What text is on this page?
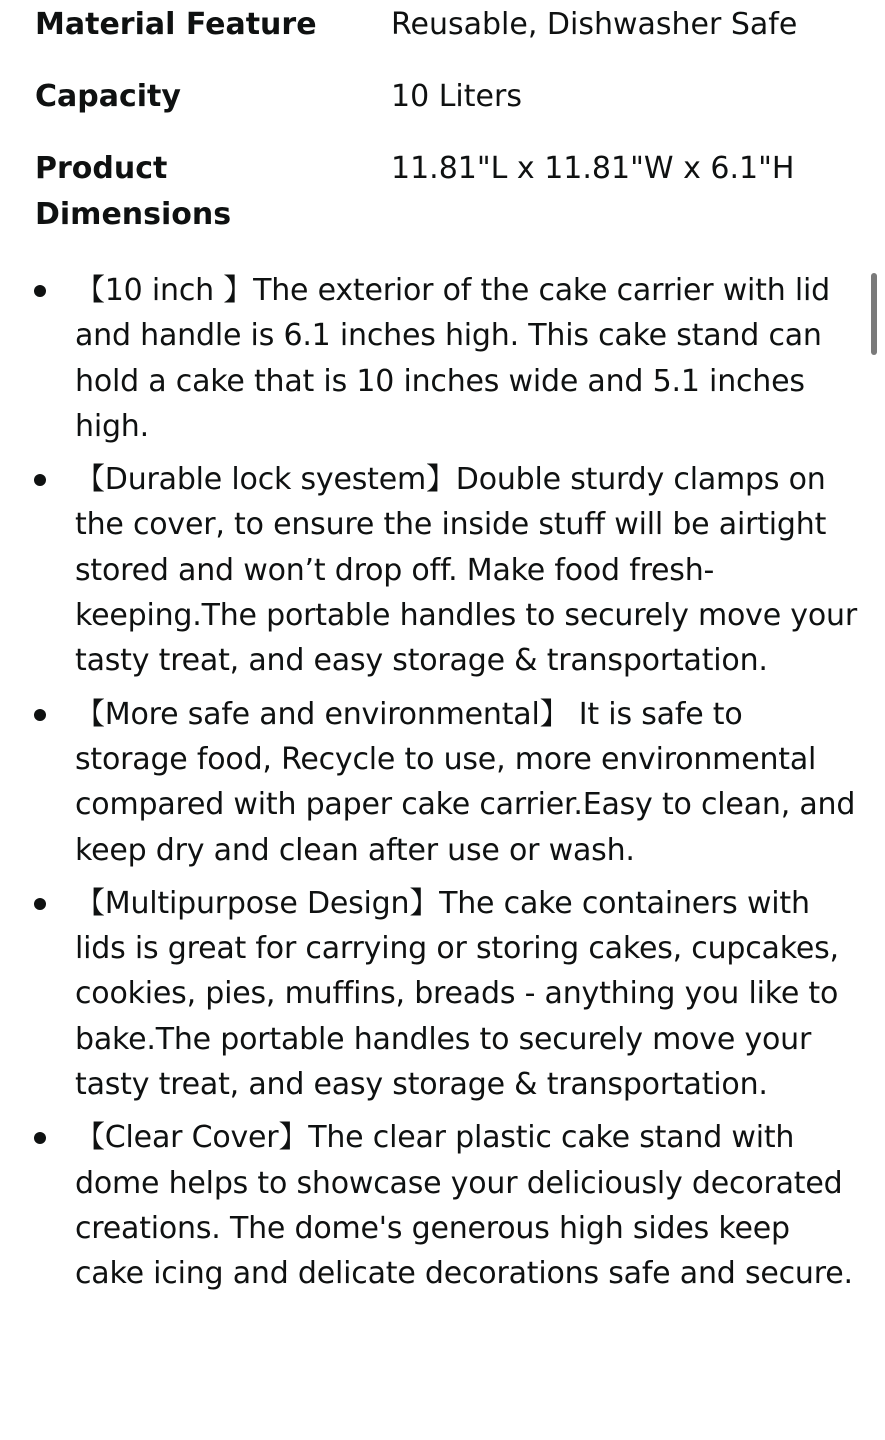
Material Feature	Reusable, Dishwasher Safe
Capacity	10 Liters
Product
Dimensions
11.81"L x 11.81"W x 6.1"H
【10 inch 】The exterior of the cake carrier with lid and handle is 6.1 inches high. This cake stand can hold a cake that is 10 inches wide and 5.1 inches high.
【Durable lock syestem】Double sturdy clamps on the cover, to ensure the inside stuff will be airtight stored and won’t drop off. Make food fresh-keeping.The portable handles to securely move your tasty treat, and easy storage & transportation.
【More safe and environmental】 It is safe to storage food, Recycle to use, more environmental compared with paper cake carrier.Easy to clean, and keep dry and clean after use or wash.
【Multipurpose Design】The cake containers with lids is great for carrying or storing cakes, cupcakes, cookies, pies, muffins, breads - anything you like to bake.The portable handles to securely move your tasty treat, and easy storage & transportation.
【Clear Cover】The clear plastic cake stand with dome helps to showcase your deliciously decorated creations. The dome's generous high sides keep cake icing and delicate decorations safe and secure.
